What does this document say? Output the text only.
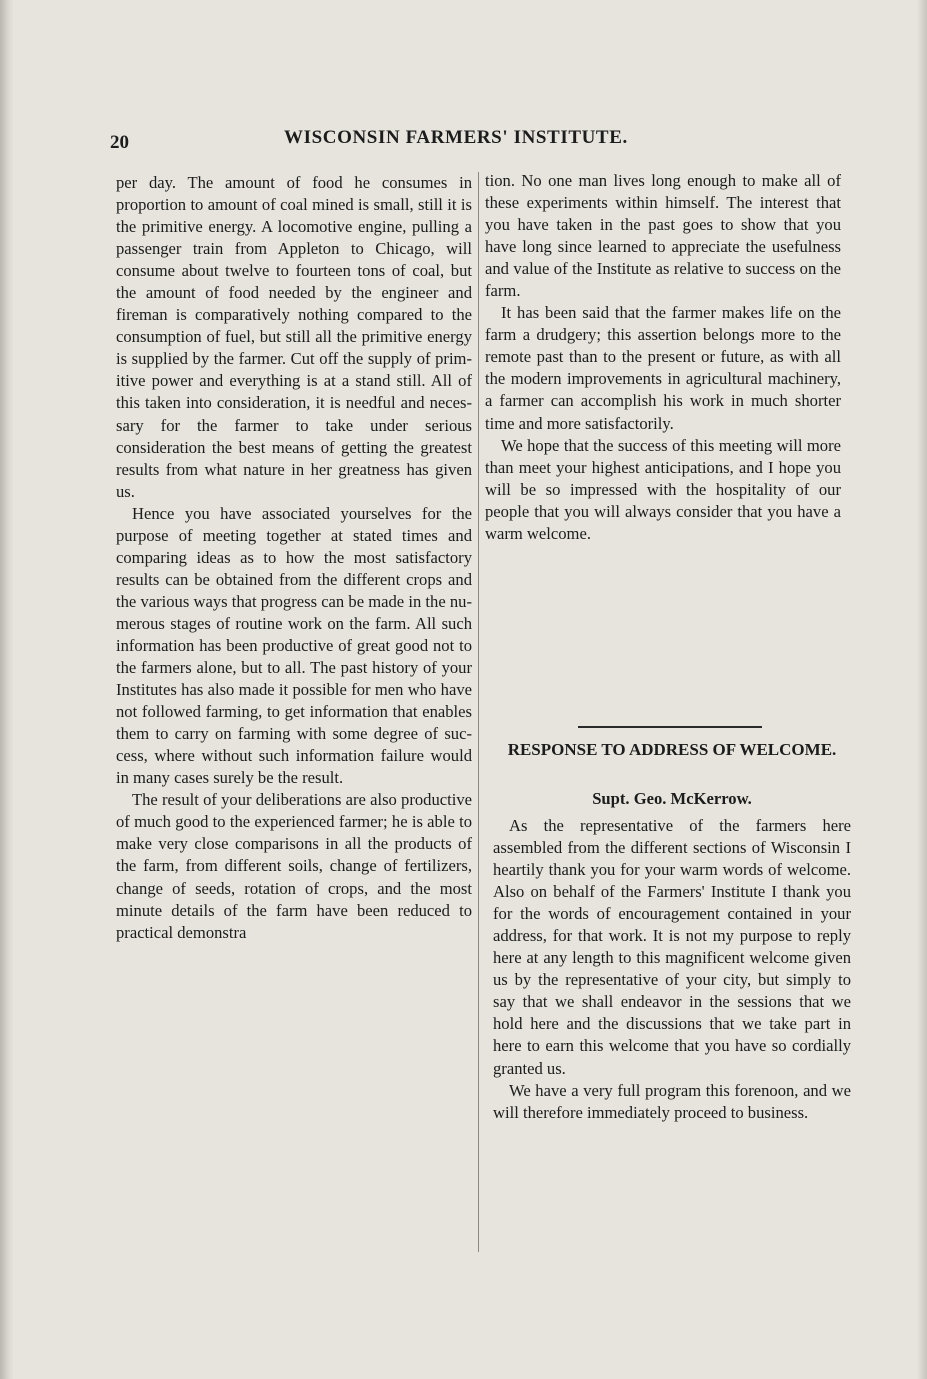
20	WISCONSIN FARMERS' INSTITUTE.

per day. The amount of food he consumes in proportion to amount of coal mined is small, still it is the primitive energy. A locomotive engine, pulling a passenger train from Appleton to Chicago, will consume about twelve to fourteen tons of coal, but the amount of food needed by the engineer and fireman is comparatively nothing compared to the consumption of fuel, but still all the primitive energy is supplied by the farmer. Cut off the supply of primitive power and everything is at a stand still. All of this taken into consideration, it is needful and necessary for the farmer to take under serious consideration the best means of getting the greatest results from what nature in her greatness has given us.

Hence you have associated yourselves for the purpose of meeting together at stated times and comparing ideas as to how the most satisfactory results can be obtained from the different crops and the various ways that progress can be made in the numerous stages of routine work on the farm. All such information has been productive of great good not to the farmers alone, but to all. The past history of your Institutes has also made it possible for men who have not followed farming, to get information that enables them to carry on farming with some degree of success, where without such information failure would in many cases surely be the result.

The result of your deliberations are also productive of much good to the experienced farmer; he is able to make very close comparisons in all the products of the farm, from different soils, change of fertilizers, change of seeds, rotation of crops, and the most minute details of the farm have been reduced to practical demonstra

tion. No one man lives long enough to make all of these experiments within himself. The interest that you have taken in the past goes to show that you have long since learned to appreciate the usefulness and value of the Institute as relative to success on the farm.

It has been said that the farmer makes life on the farm a drudgery; this assertion belongs more to the remote past than to the present or future, as with all the modern improvements in agricultural machinery, a farmer can accomplish his work in much shorter time and more satisfactorily.

We hope that the success of this meeting will more than meet your highest anticipations, and I hope you will be so impressed with the hospitality of our people that you will always consider that you have a warm welcome.

RESPONSE TO ADDRESS OF WELCOME.
Supt. Geo. McKerrow.

As the representative of the farmers here assembled from the different sections of Wisconsin I heartily thank you for your warm words of welcome. Also on behalf of the Farmers' Institute I thank you for the words of encouragement contained in your address, for that work. It is not my purpose to reply here at any length to this magnificent welcome given us by the representative of your city, but simply to say that we shall endeavor in the sessions that we hold here and the discussions that we take part in here to earn this welcome that you have so cordially granted us.

We have a very full program this forenoon, and we will therefore immediately proceed to business.
